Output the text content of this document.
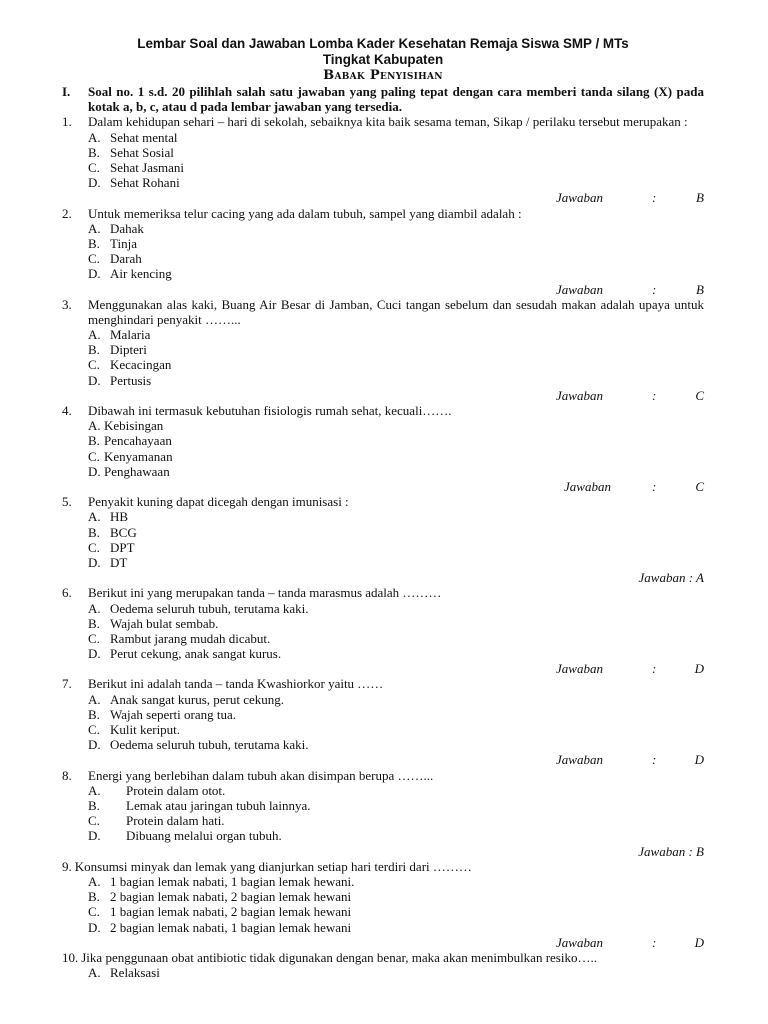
Lembar Soal dan Jawaban Lomba Kader Kesehatan Remaja Siswa SMP / MTs
Tingkat Kabupaten
Babak Penyisihan
I.	Soal no. 1 s.d. 20 pilihlah salah satu jawaban yang paling tepat dengan cara memberi tanda silang (X) pada kotak a, b, c, atau d pada lembar jawaban yang tersedia.
1.	Dalam kehidupan sehari – hari di sekolah, sebaiknya kita baik sesama teman, Sikap / perilaku tersebut merupakan :
A. Sehat mental
B. Sehat Sosial
C. Sehat Jasmani
D. Sehat Rohani
Jawaban	:	B
2.	Untuk memeriksa telur cacing yang ada dalam tubuh, sampel yang diambil adalah :
A. Dahak
B. Tinja
C. Darah
D. Air kencing
Jawaban	:	B
3.	Menggunakan alas kaki, Buang Air Besar di Jamban, Cuci tangan sebelum dan sesudah makan adalah upaya untuk menghindari penyakit ……...
A. Malaria
B. Dipteri
C. Kecacingan
D. Pertusis
Jawaban	:	C
4.	Dibawah ini termasuk kebutuhan fisiologis rumah sehat, kecuali…….
A. Kebisingan
B. Pencahayaan
C. Kenyamanan
D. Penghawaan
Jawaban	:	C
5.	Penyakit kuning dapat dicegah dengan imunisasi :
A. HB
B. BCG
C. DPT
D. DT
Jawaban : A
6.	Berikut ini yang merupakan tanda – tanda marasmus adalah ………
A. Oedema seluruh tubuh, terutama kaki.
B. Wajah bulat sembab.
C. Rambut jarang mudah dicabut.
D. Perut cekung, anak sangat kurus.
Jawaban	:	D
7.	Berikut ini adalah tanda – tanda Kwashiorkor yaitu ……
A. Anak sangat kurus, perut cekung.
B. Wajah seperti orang tua.
C. Kulit keriput.
D. Oedema seluruh tubuh, terutama kaki.
Jawaban	:	D
8.	Energi yang berlebihan dalam tubuh akan disimpan berupa ……...
A.	Protein dalam otot.
B.	Lemak atau jaringan tubuh lainnya.
C.	Protein dalam hati.
D.	Dibuang melalui organ tubuh.
Jawaban : B
9. Konsumsi minyak dan lemak yang dianjurkan setiap hari terdiri dari ………
A. 1 bagian lemak nabati, 1 bagian lemak hewani.
B. 2 bagian lemak nabati, 2 bagian lemak hewani
C. 1 bagian lemak nabati, 2 bagian lemak hewani
D. 2 bagian lemak nabati, 1 bagian lemak hewani
Jawaban	:	D
10. Jika penggunaan obat antibiotic tidak digunakan dengan benar, maka akan menimbulkan resiko…..
A. Relaksasi
